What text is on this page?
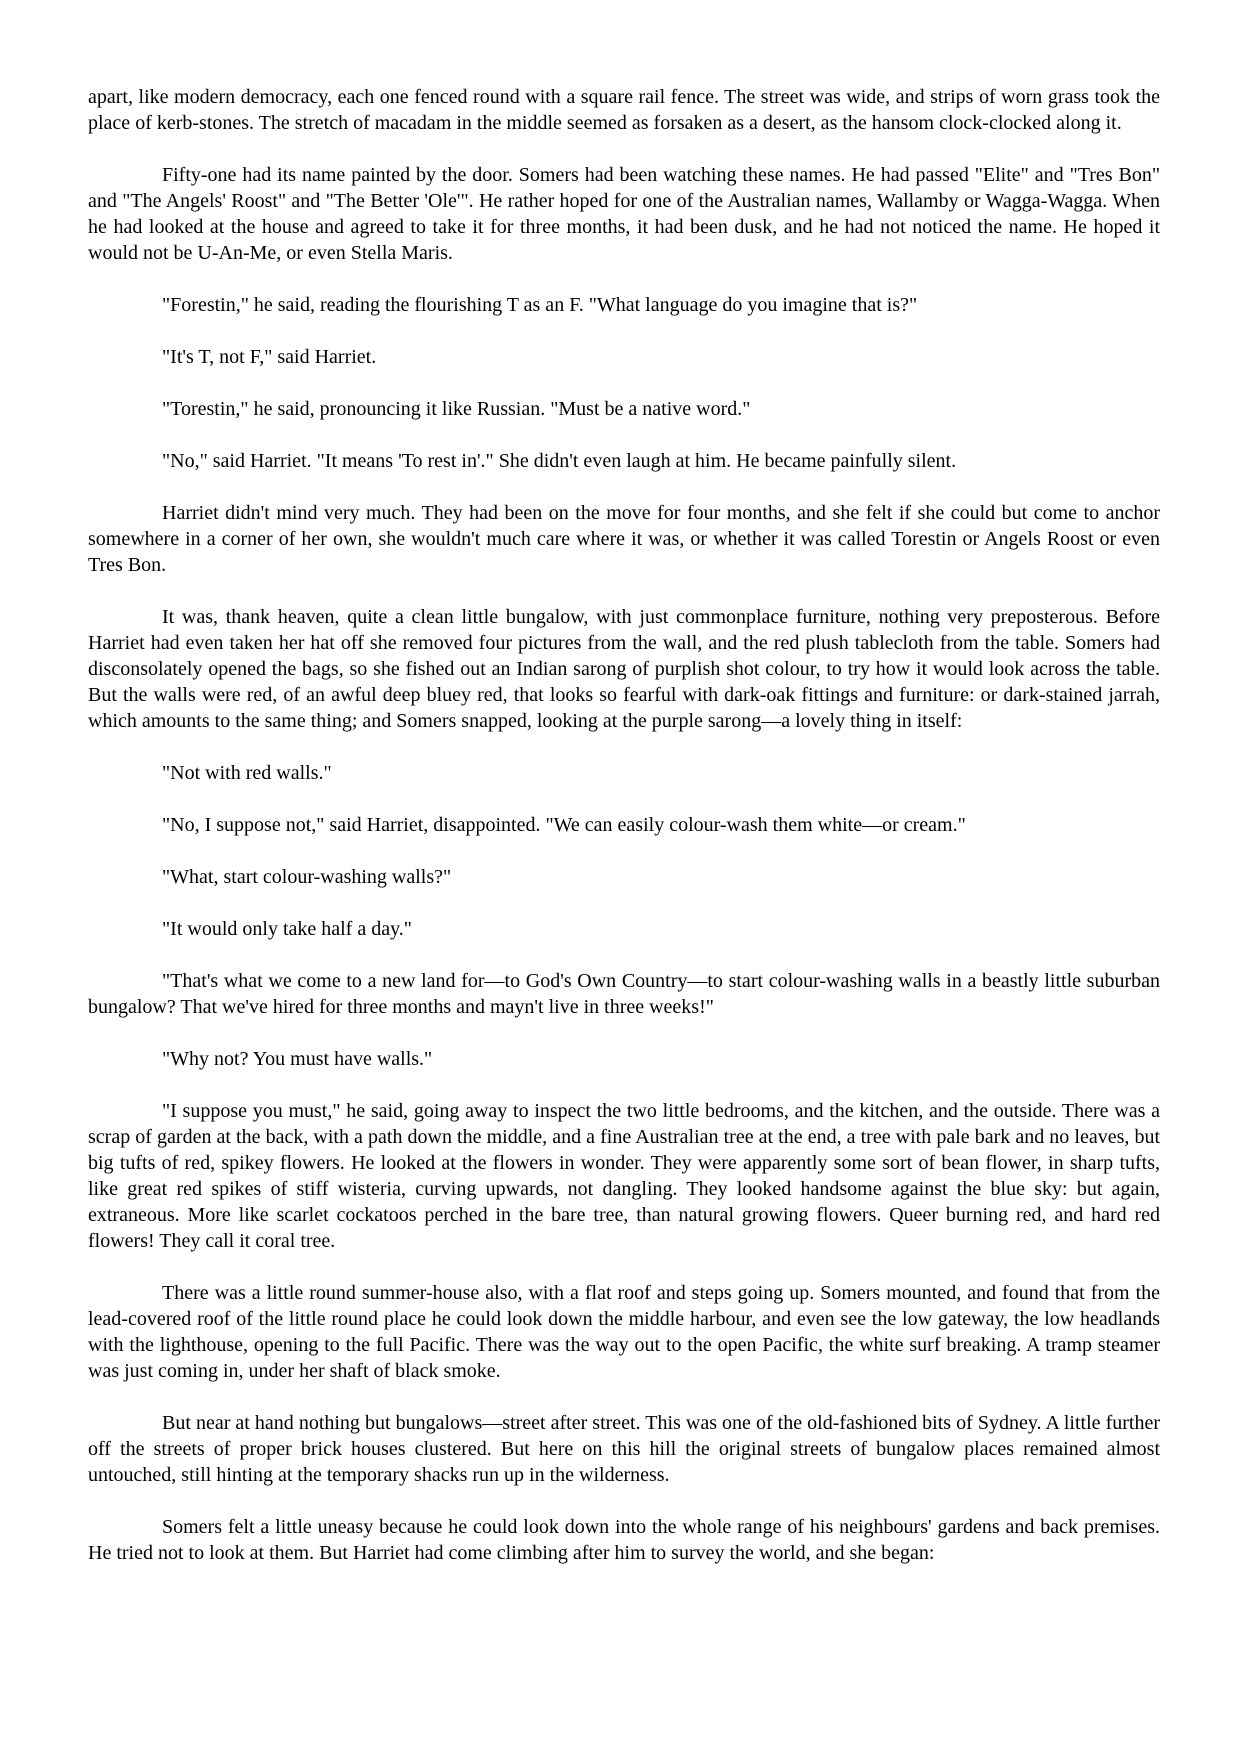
apart, like modern democracy, each one fenced round with a square rail fence. The street was wide, and strips of worn grass took the place of kerb-stones. The stretch of macadam in the middle seemed as forsaken as a desert, as the hansom clock-clocked along it.

Fifty-one had its name painted by the door. Somers had been watching these names. He had passed "Elite" and "Tres Bon" and "The Angels' Roost" and "The Better 'Ole'". He rather hoped for one of the Australian names, Wallamby or Wagga-Wagga. When he had looked at the house and agreed to take it for three months, it had been dusk, and he had not noticed the name. He hoped it would not be U-An-Me, or even Stella Maris.

"Forestin," he said, reading the flourishing T as an F. "What language do you imagine that is?"

"It's T, not F," said Harriet.

"Torestin," he said, pronouncing it like Russian. "Must be a native word."

"No," said Harriet. "It means 'To rest in'." She didn't even laugh at him. He became painfully silent.

Harriet didn't mind very much. They had been on the move for four months, and she felt if she could but come to anchor somewhere in a corner of her own, she wouldn't much care where it was, or whether it was called Torestin or Angels Roost or even Tres Bon.

It was, thank heaven, quite a clean little bungalow, with just commonplace furniture, nothing very preposterous. Before Harriet had even taken her hat off she removed four pictures from the wall, and the red plush tablecloth from the table. Somers had disconsolately opened the bags, so she fished out an Indian sarong of purplish shot colour, to try how it would look across the table. But the walls were red, of an awful deep bluey red, that looks so fearful with dark-oak fittings and furniture: or dark-stained jarrah, which amounts to the same thing; and Somers snapped, looking at the purple sarong—a lovely thing in itself:

"Not with red walls."

"No, I suppose not," said Harriet, disappointed. "We can easily colour-wash them white—or cream."

"What, start colour-washing walls?"

"It would only take half a day."

"That's what we come to a new land for—to God's Own Country—to start colour-washing walls in a beastly little suburban bungalow? That we've hired for three months and mayn't live in three weeks!"

"Why not? You must have walls."

"I suppose you must," he said, going away to inspect the two little bedrooms, and the kitchen, and the outside. There was a scrap of garden at the back, with a path down the middle, and a fine Australian tree at the end, a tree with pale bark and no leaves, but big tufts of red, spikey flowers. He looked at the flowers in wonder. They were apparently some sort of bean flower, in sharp tufts, like great red spikes of stiff wisteria, curving upwards, not dangling. They looked handsome against the blue sky: but again, extraneous. More like scarlet cockatoos perched in the bare tree, than natural growing flowers. Queer burning red, and hard red flowers! They call it coral tree.

There was a little round summer-house also, with a flat roof and steps going up. Somers mounted, and found that from the lead-covered roof of the little round place he could look down the middle harbour, and even see the low gateway, the low headlands with the lighthouse, opening to the full Pacific. There was the way out to the open Pacific, the white surf breaking. A tramp steamer was just coming in, under her shaft of black smoke.

But near at hand nothing but bungalows—street after street. This was one of the old-fashioned bits of Sydney. A little further off the streets of proper brick houses clustered. But here on this hill the original streets of bungalow places remained almost untouched, still hinting at the temporary shacks run up in the wilderness.

Somers felt a little uneasy because he could look down into the whole range of his neighbours' gardens and back premises. He tried not to look at them. But Harriet had come climbing after him to survey the world, and she began:
